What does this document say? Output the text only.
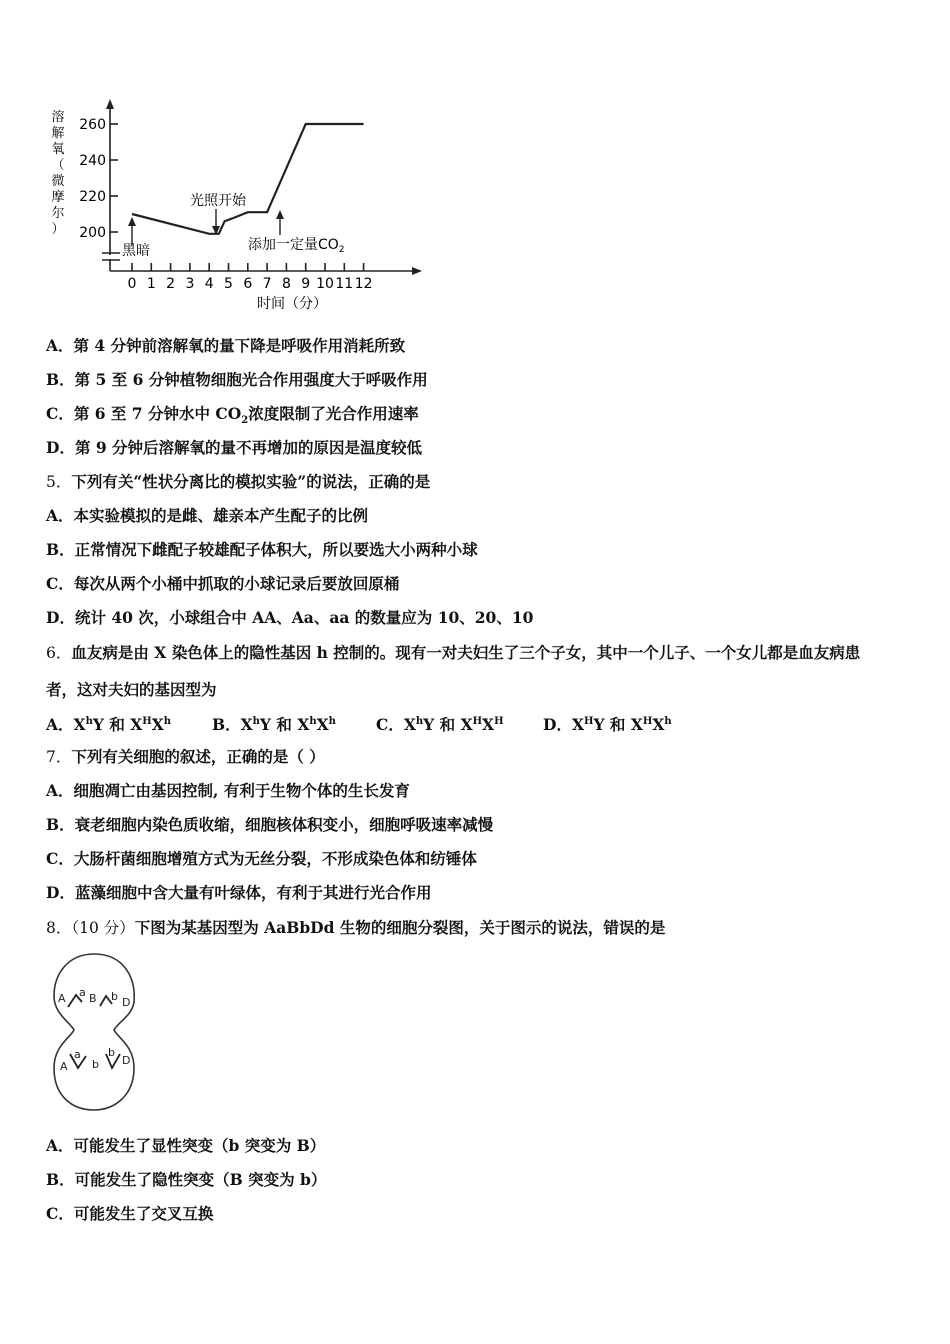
溶
解
氧
（
微
摩
尔
） 200
220
240
260
0 1 2 3 4 5 6 7 8 9 10 11 12
黑暗
光照开始
添加一定量$CO_2$
时间（分）
A．第 4 分钟前溶解氧的量下降是呼吸作用消耗所致
B．第 5 至 6 分钟植物细胞光合作用强度大于呼吸作用
C．第 6 至 7 分钟水中 $CO_2$浓度限制了光合作用速率
D．第 9 分钟后溶解氧的量不再增加的原因是温度较低
5．下列有关“性状分离比的模拟实验”的说法，正确的是
A．本实验模拟的是雌、雄亲本产生配子的比例
B．正常情况下雌配子较雄配子体积大，所以要选大小两种小球
C．每次从两个小桶中抓取的小球记录后要放回原桶
D．统计 40 次，小球组合中 AA、Aa、aa 的数量应为 10、20、10
6．血友病是由 X 染色体上的隐性基因 h 控制的。现有一对夫妇生了三个子女，其中一个儿子、一个女儿都是血友病患
者，这对夫妇的基因型为
A．$X^hY$ 和 $X^HX^h$	B．$X^hY$ 和 $X^hX^h$	C．$X^hY$ 和 $X^HX^H$	D．$X^HY$ 和 $X^HX^h$
7．下列有关细胞的叙述，正确的是（ ）
A．细胞凋亡由基因控制, 有利于生物个体的生长发育
B．衰老细胞内染色质收缩，细胞核体积变小，细胞呼吸速率减慢
C．大肠杆菌细胞增殖方式为无丝分裂，不形成染色体和纺锤体
D．蓝藻细胞中含大量有叶绿体，有利于其进行光合作用
8．（10 分）下图为某基因型为 AaBbDd 生物的细胞分裂图，关于图示的说法，错误的是
A a B b D
A
a
b
b
D
A．可能发生了显性突变（b 突变为 B）
B．可能发生了隐性突变（B 突变为 b）
C．可能发生了交叉互换
